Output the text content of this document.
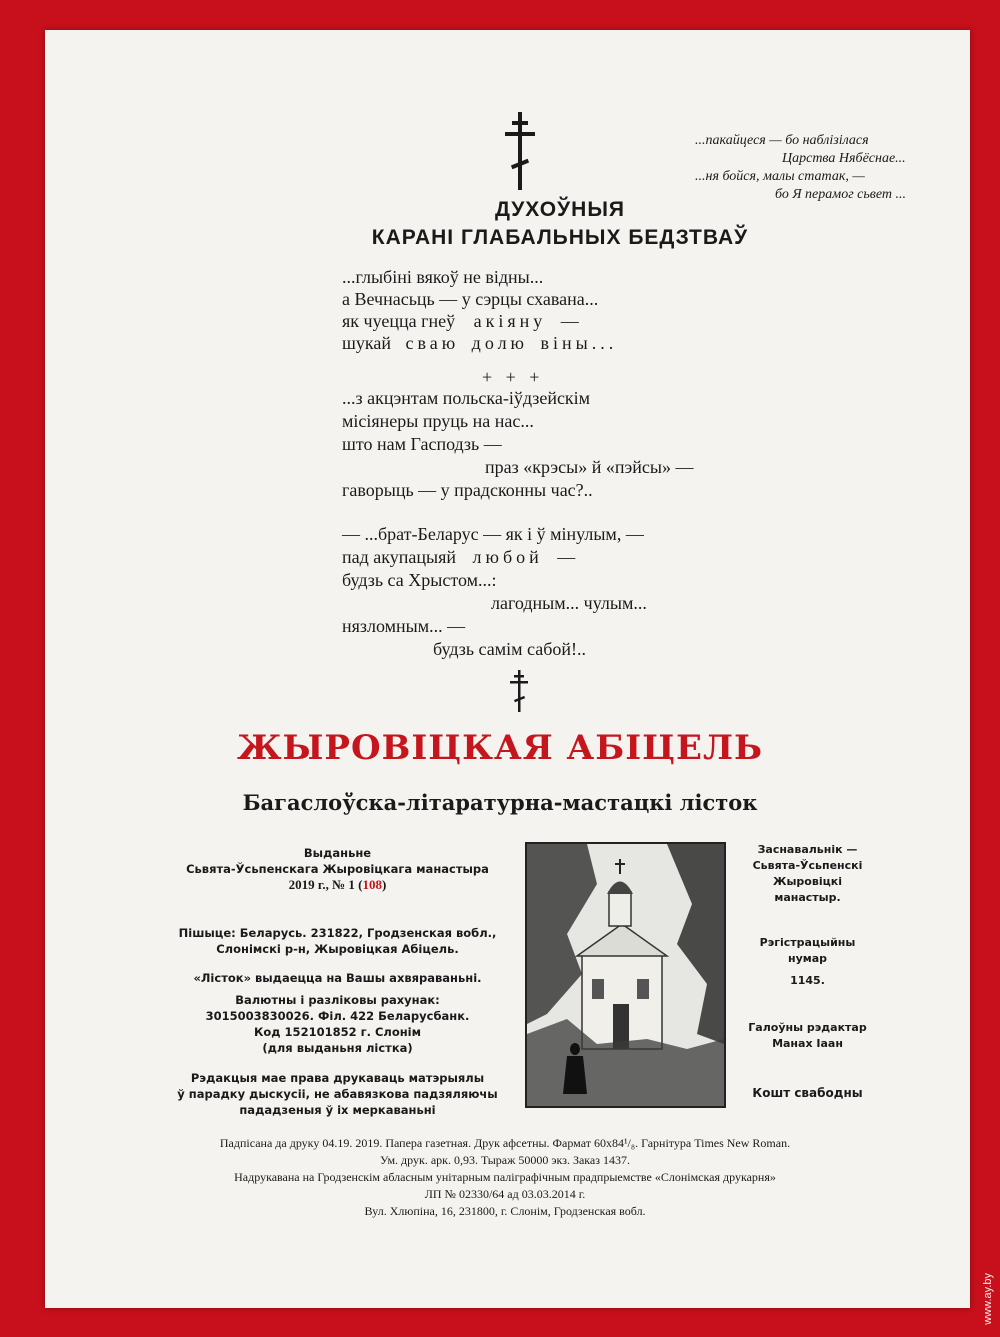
...пакайцеся — бо наблізілася
Царства Нябёснае...
...ня бойся, малы статак, —
бо Я перамог сьвет ...
ДУХОЎНЫЯ
КАРАНІ ГЛАБАЛЬНЫХ БЕДЗТВАЎ
...глыбіні вякоў не відны...
а Вечнасьць — у сэрцы схавана...
як чуецца гнеў акіяну —
шукай сваю долю віны...
+   +   +
...з акцэнтам польска-іўдзейскім
місіянеры пруць на нас...
што нам Гасподзь —
праз «крэсы» й «пэйсы» —
гаворыць — у прадсконны час?..
— ...брат-Беларус — як і ў мінулым, —
пад акупацыяй любой —
будзь са Хрыстом...:
лагодным... чулым...
нязломным... —
будзь самім сабой!..
ЖЫРОВІЦКАЯ АБІЦЕЛЬ
Багаслоўска-літаратурна-мастацкі лісток
Выданьне
Сьвята-Ўсьпенскага Жыровіцкага манастыра
2019 г., № 1 (108)
Пішыце: Беларусь. 231822, Гродзенская вобл.,
Слонімскі р-н, Жыровіцкая Абіцель.
«Лісток» выдаецца на Вашы ахвяраваньні.
Валютны і разліковы рахунак:
3015003830026. Філ. 422 Беларусбанк.
Код 152101852 г. Слонім
(для выданьня лістка)
Рэдакцыя мае права друкаваць матэрыялы
ў парадку дыскусіі, не абавязкова падзяляючы
пададзеныя ў іх меркаваньні
Заснавальнік —
Сьвята-Ўсьпенскі
Жыровіцкі
манастыр.
Рэгістрацыйны нумар
1145.
Галоўны рэдактар
Манах Іаан
Кошт свабодны
Падпісана да друку 04.19. 2019. Папера газетная. Друк афсетны. Фармат 60х84¹/₈. Гарнітура Times New Roman.
Ум. друк. арк. 0,93. Тыраж 50000 экз. Заказ 1437.
Надрукавана на Гродзенскім абласным унітарным паліграфічным прадпрыемстве «Слонімская друкарня»
ЛП № 02330/64 ад 03.03.2014 г.
Вул. Хлюпіна, 16, 231800, г. Слонім, Гродзенская вобл.
www.ay.by
